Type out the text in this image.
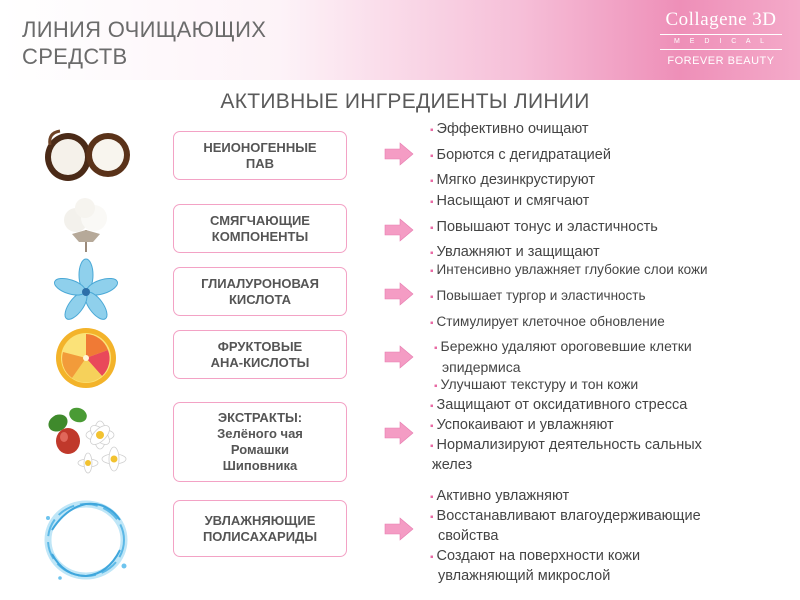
ЛИНИЯ ОЧИЩАЮЩИХ
СРЕДСТВ
Collagene 3D
M E D I C A L
FOREVER BEAUTY
АКТИВНЫЕ ИНГРЕДИЕНТЫ ЛИНИИ
НЕИОНОГЕННЫЕ
ПАВ
▪ Эффективно очищают
▪ Борются с дегидратацией
▪ Мягко дезинкрустируют
СМЯГЧАЮЩИЕ
КОМПОНЕНТЫ
▪ Насыщают и смягчают
▪ Повышают тонус и эластичность
▪ Увлажняют и защищают
ГЛИАЛУРОНОВАЯ
КИСЛОТА
▪ Интенсивно увлажняет глубокие слои кожи
▪ Повышает тургор и эластичность
▪ Стимулирует клеточное обновление
ФРУКТОВЫЕ
АНА-КИСЛОТЫ
▪ Бережно удаляют ороговевшие клетки
эпидермиса
▪ Улучшают текстуру и тон кожи
ЭКСТРАКТЫ:
Зелёного чая
Ромашки
Шиповника
▪ Защищают от оксидативного стресса
▪ Успокаивают и увлажняют
▪ Нормализируют деятельность сальных
желез
УВЛАЖНЯЮЩИЕ
ПОЛИСАХАРИДЫ
▪ Активно увлажняют
▪ Восстанавливают влагоудерживающие
свойства
▪ Создают на поверхности кожи
увлажняющий микрослой
